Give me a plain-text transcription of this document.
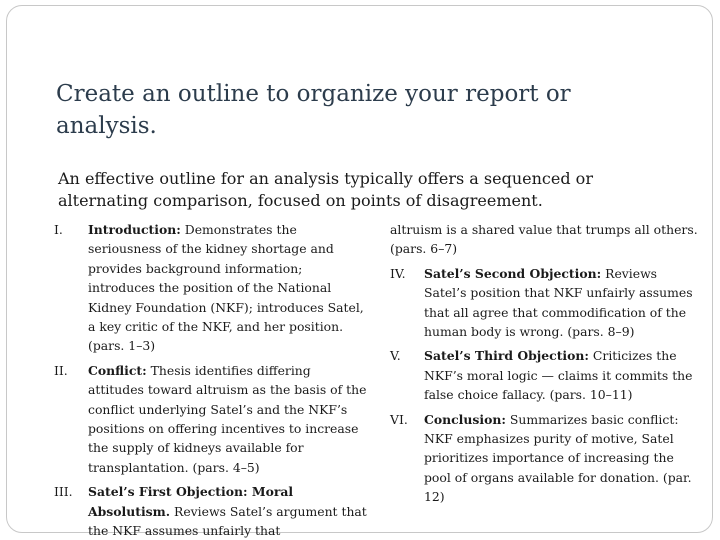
Create an outline to organize your report or analysis.

An effective outline for an analysis typically offers a sequenced or alternating comparison, focused on points of disagreement.

I. Introduction: Demonstrates the seriousness of the kidney shortage and provides background information; introduces the position of the National Kidney Foundation (NKF); introduces Satel, a key critic of the NKF, and her position. (pars. 1–3)
II. Conflict: Thesis identifies differing attitudes toward altruism as the basis of the conflict underlying Satel’s and the NKF’s positions on offering incentives to increase the supply of kidneys available for transplantation. (pars. 4–5)
III. Satel’s First Objection: Moral Absolutism. Reviews Satel’s argument that the NKF assumes unfairly that

altruism is a shared value that trumps all others. (pars. 6–7)

IV. Satel’s Second Objection: Reviews Satel’s position that NKF unfairly assumes that all agree that commodification of the human body is wrong. (pars. 8–9)
V. Satel’s Third Objection: Criticizes the NKF’s moral logic — claims it commits the false choice fallacy. (pars. 10–11)
VI. Conclusion: Summarizes basic conflict: NKF emphasizes purity of motive, Satel prioritizes importance of increasing the pool of organs available for donation. (par. 12)
